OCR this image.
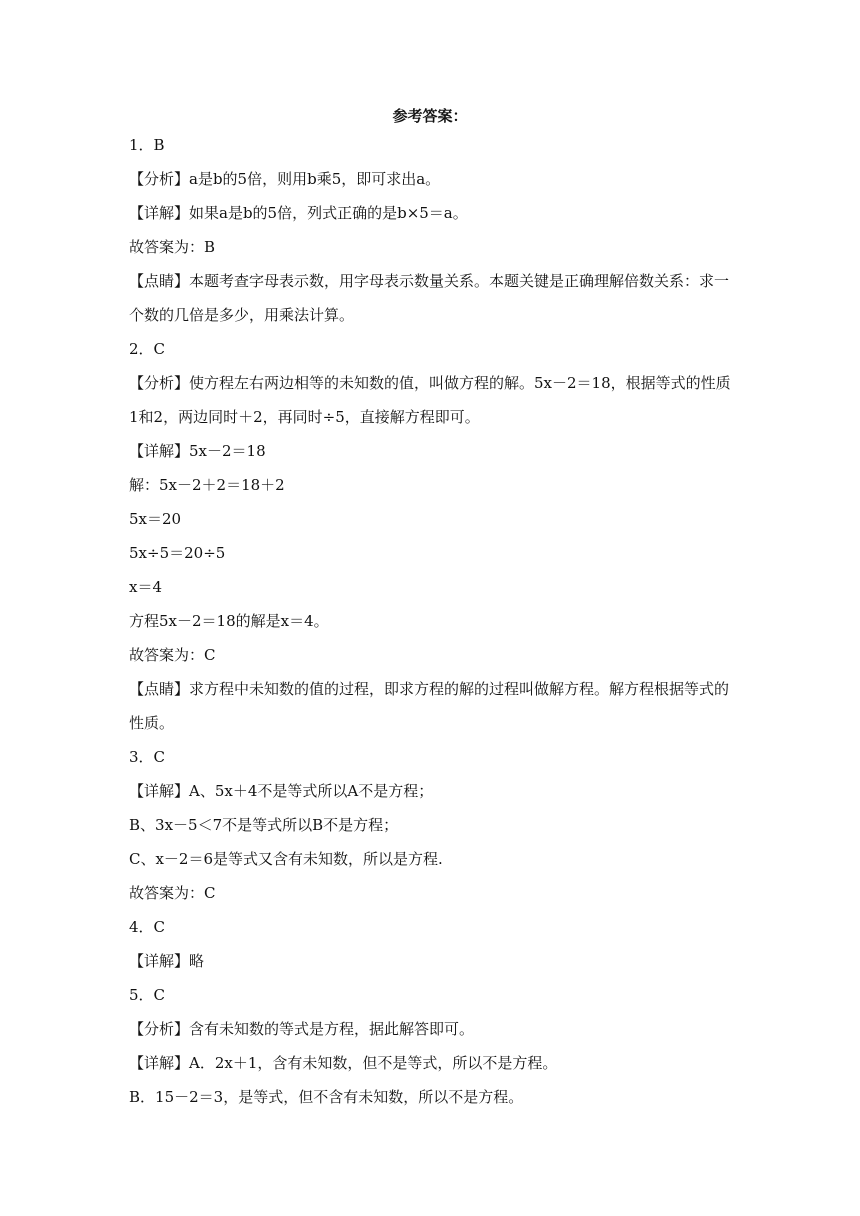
参考答案：
1．B
【分析】a是b的5倍，则用b乘5，即可求出a。
【详解】如果a是b的5倍，列式正确的是b×5＝a。
故答案为：B
【点睛】本题考查字母表示数，用字母表示数量关系。本题关键是正确理解倍数关系：求一
个数的几倍是多少，用乘法计算。
2．C
【分析】使方程左右两边相等的未知数的值，叫做方程的解。5x－2＝18，根据等式的性质
1和2，两边同时＋2，再同时÷5，直接解方程即可。
【详解】5x－2＝18
解：5x－2＋2＝18＋2
5x＝20
5x÷5＝20÷5
x＝4
方程5x－2＝18的解是x＝4。
故答案为：C
【点睛】求方程中未知数的值的过程，即求方程的解的过程叫做解方程。解方程根据等式的
性质。
3．C
【详解】A、5x＋4不是等式所以A不是方程；
B、3x－5＜7不是等式所以B不是方程；
C、x－2＝6是等式又含有未知数，所以是方程.
故答案为：C
4．C
【详解】略
5．C
【分析】含有未知数的等式是方程，据此解答即可。
【详解】A．2x＋1，含有未知数，但不是等式，所以不是方程。
B．15－2＝3，是等式，但不含有未知数，所以不是方程。
